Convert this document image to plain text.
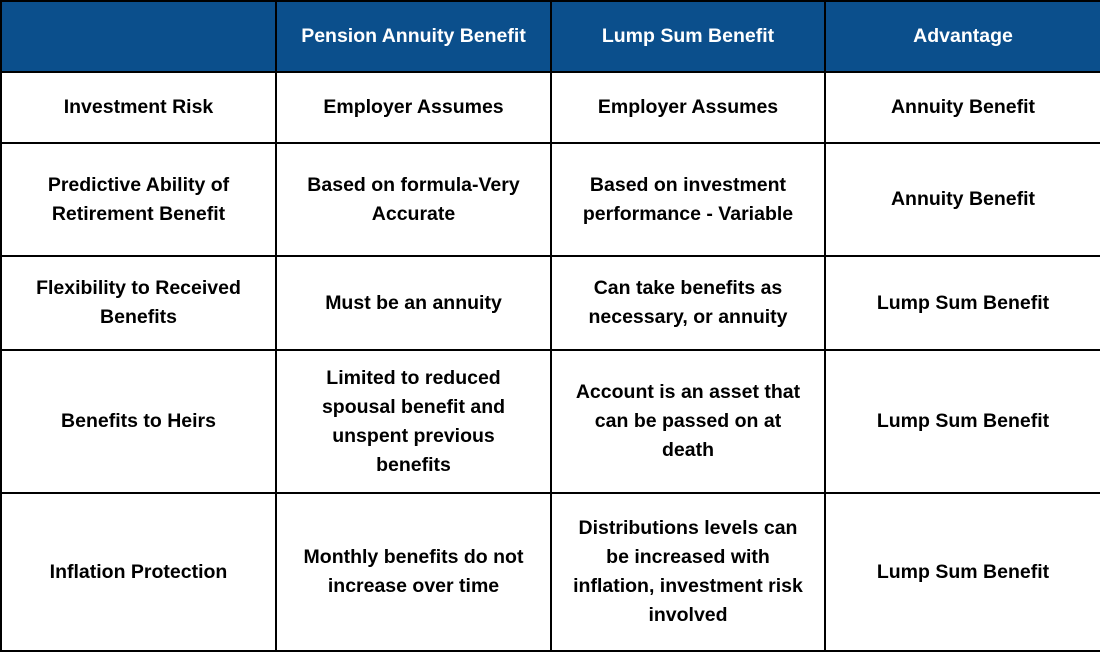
	Pension Annuity Benefit	Lump Sum Benefit	Advantage
Investment Risk	Employer Assumes	Employer Assumes	Annuity Benefit
Predictive Ability of Retirement Benefit	Based on formula-Very Accurate	Based on investment performance - Variable	Annuity Benefit
Flexibility to Received Benefits	Must be an annuity	Can take benefits as necessary, or annuity	Lump Sum Benefit
Benefits to Heirs	Limited to reduced spousal benefit and unspent previous benefits	Account is an asset that can be passed on at death	Lump Sum Benefit
Inflation Protection	Monthly benefits do not increase over time	Distributions levels can be increased with inflation, investment risk involved	Lump Sum Benefit
